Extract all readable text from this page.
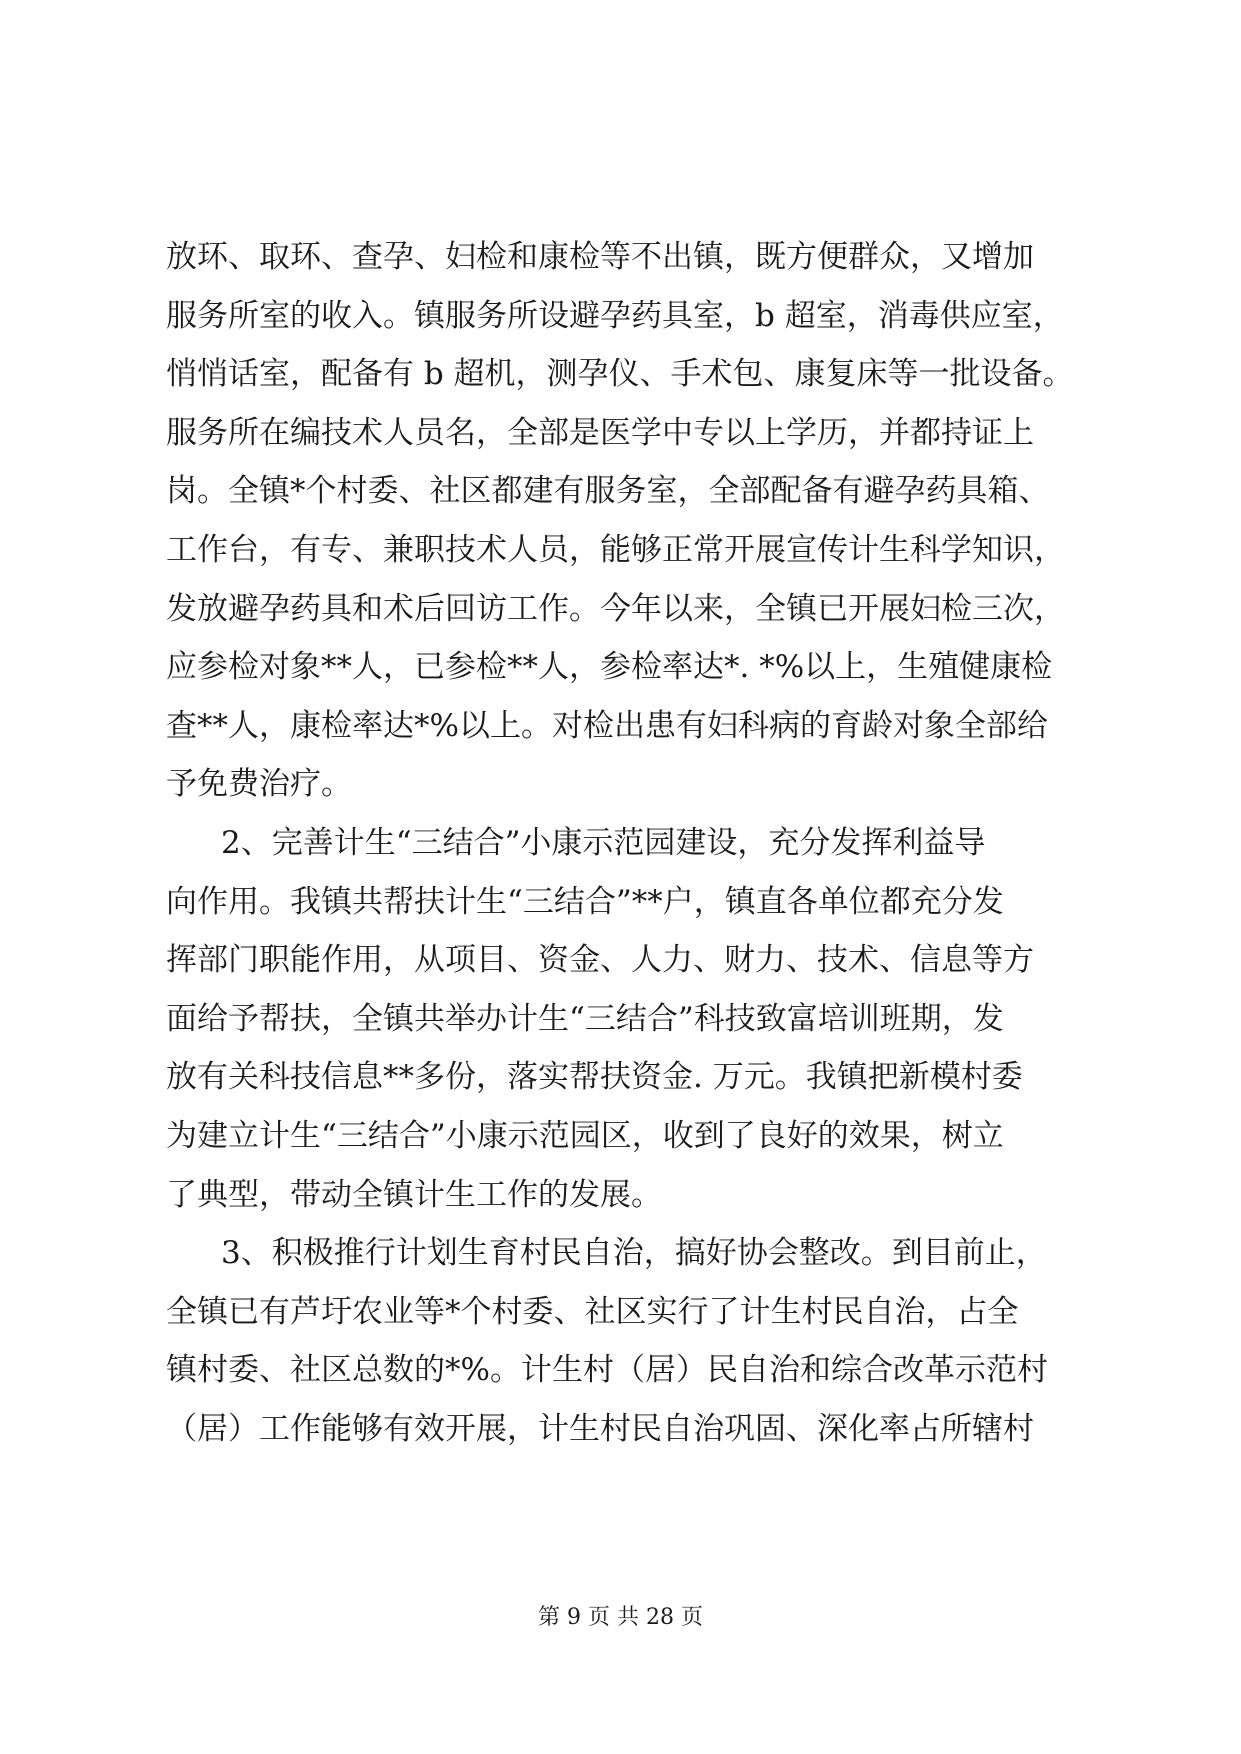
放环、取环、查孕、妇检和康检等不出镇，既方便群众，又增加
服务所室的收入。镇服务所设避孕药具室，b 超室，消毒供应室，
悄悄话室，配备有 b 超机，测孕仪、手术包、康复床等一批设备。
服务所在编技术人员名，全部是医学中专以上学历，并都持证上
岗。全镇*个村委、社区都建有服务室，全部配备有避孕药具箱、
工作台，有专、兼职技术人员，能够正常开展宣传计生科学知识，
发放避孕药具和术后回访工作。今年以来，全镇已开展妇检三次，
应参检对象**人，已参检**人，参检率达*. *%以上，生殖健康检
查**人，康检率达*%以上。对检出患有妇科病的育龄对象全部给
予免费治疗。
2、完善计生“三结合”小康示范园建设，充分发挥利益导
向作用。我镇共帮扶计生“三结合”**户，镇直各单位都充分发
挥部门职能作用，从项目、资金、人力、财力、技术、信息等方
面给予帮扶，全镇共举办计生“三结合”科技致富培训班期，发
放有关科技信息**多份，落实帮扶资金. 万元。我镇把新模村委
为建立计生“三结合”小康示范园区，收到了良好的效果，树立
了典型，带动全镇计生工作的发展。
3、积极推行计划生育村民自治，搞好协会整改。到目前止，
全镇已有芦圩农业等*个村委、社区实行了计生村民自治，占全
镇村委、社区总数的*%。计生村（居）民自治和综合改革示范村
（居）工作能够有效开展，计生村民自治巩固、深化率占所辖村
第 9 页 共 28 页
